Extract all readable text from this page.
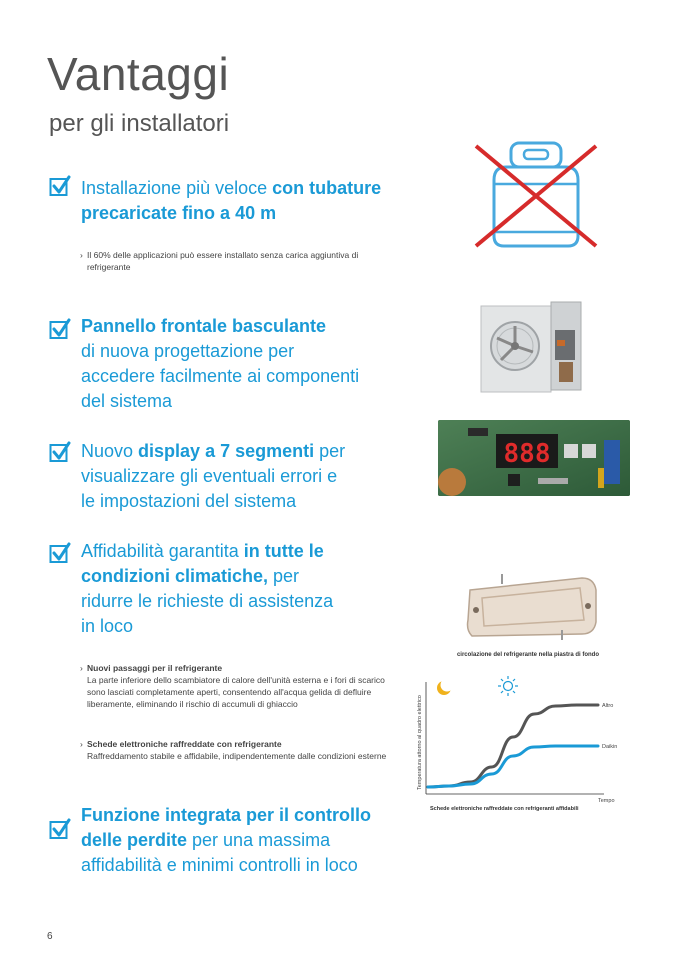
Vantaggi
per gli installatori
Installazione più veloce con tubature
precaricate fino a 40 m
Pannello frontale basculante
di nuova progettazione per
accedere facilmente ai componenti
del sistema
Nuovo display a 7 segmenti per
visualizzare gli eventuali errori e
le impostazioni del sistema
Affidabilità garantita in tutte le
condizioni climatiche, per
ridurre le richieste di assistenza
in loco
Funzione integrata per il controllo
delle perdite per una massima
affidabilità e minimi controlli in loco
› Il 60% delle applicazioni può essere installato senza carica aggiuntiva di refrigerante
› Nuovi passaggi per il refrigerante
La parte inferiore dello scambiatore di calore dell'unità esterna e i fori di scarico sono lasciati completamente aperti, consentendo all'acqua gelida di defluire liberamente, eliminando il rischio di accumuli di ghiaccio
› Schede elettroniche raffreddate con refrigerante
Raffreddamento stabile e affidabile, indipendentemente dalle condizioni esterne
888
circolazione del refrigerante nella piastra di fondo
Temperatura attorno al quadro elettrico
Tempo
Schede elettroniche raffreddate con refrigeranti affidabili
Altro
Daikin
6
